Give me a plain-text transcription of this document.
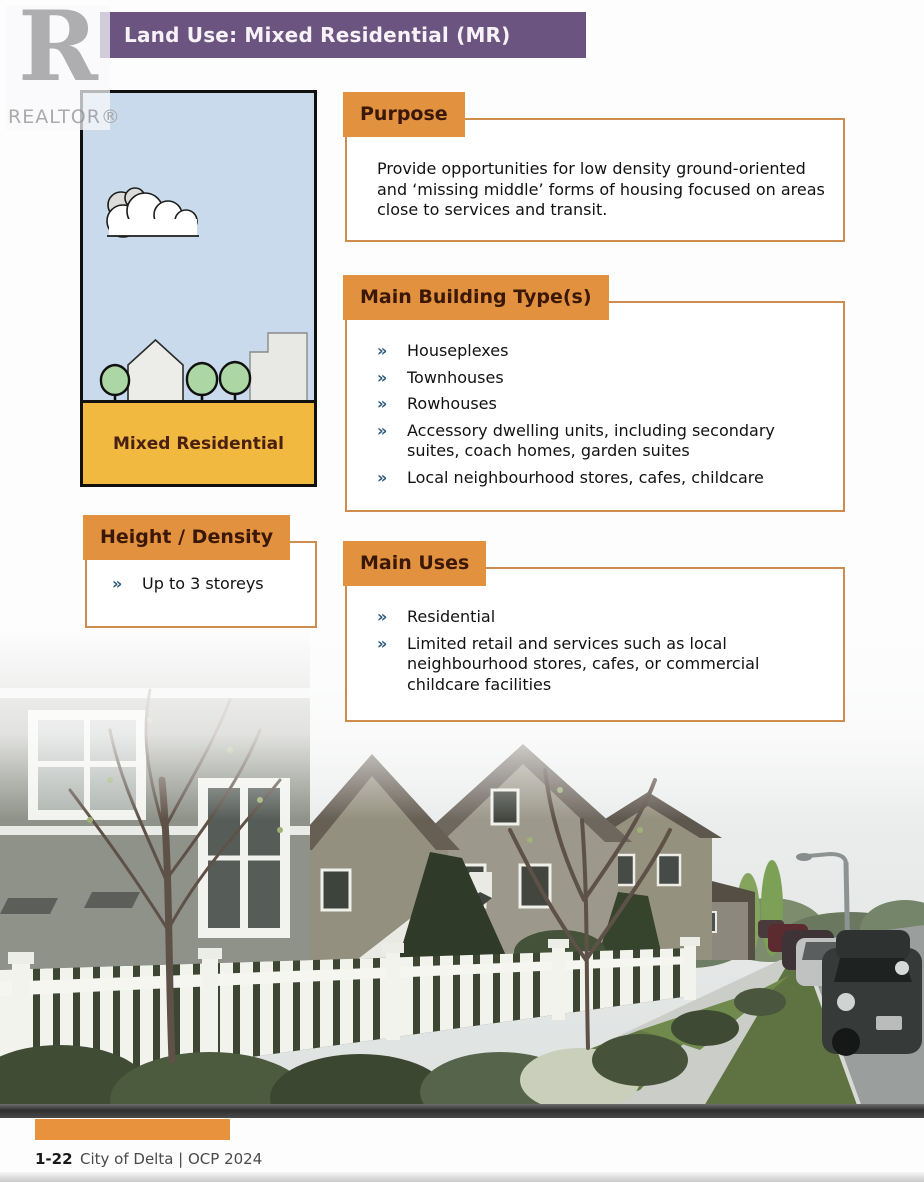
R
REALTOR®
Land Use: Mixed Residential (MR)
Mixed Residential
Purpose

Provide opportunities for low density ground-oriented and ‘missing middle’ forms of housing focused on areas close to services and transit.

Main Building Type(s)
»	Houseplexes
»	Townhouses
»	Rowhouses
»	Accessory dwelling units, including secondary suites, coach homes, garden suites
»	Local neighbourhood stores, cafes, childcare
Height / Density
»	Up to 3 storeys
Main Uses
»	Residential
»	Limited retail and services such as local neighbourhood stores, cafes, or commercial childcare facilities
1-22 City of Delta | OCP 2024
